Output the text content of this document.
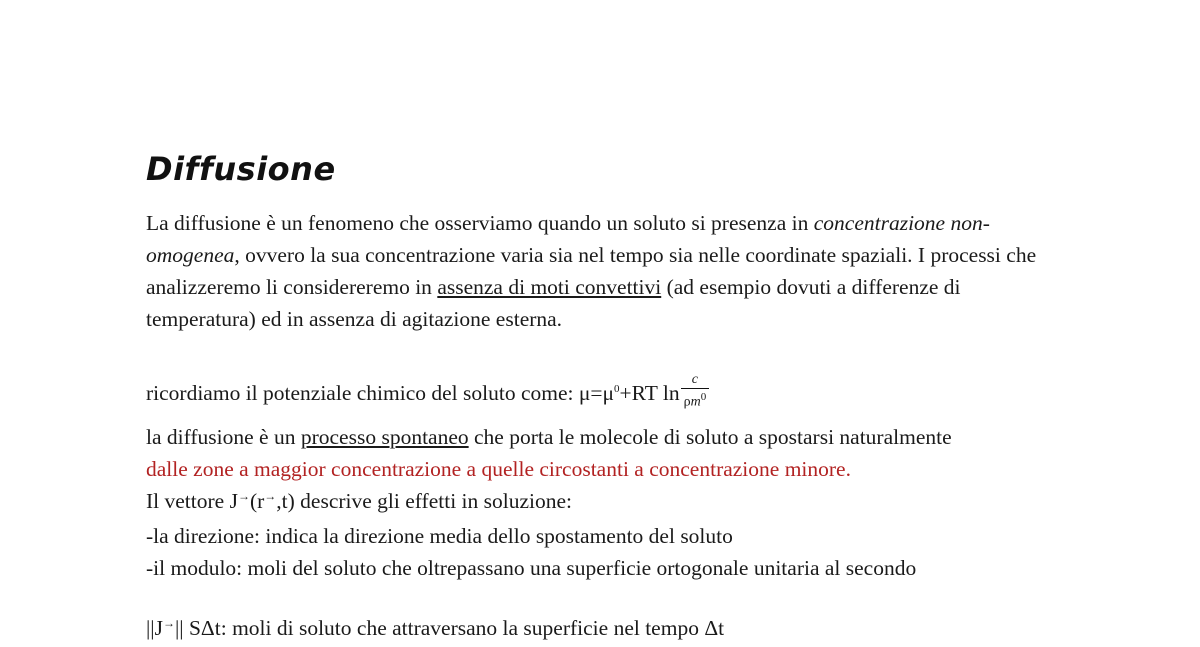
Diffusione

La diffusione è un fenomeno che osserviamo quando un soluto si presenza in concentrazione non-omogenea, ovvero la sua concentrazione varia sia nel tempo sia nelle coordinate spaziali. I processi che analizzeremo li considereremo in assenza di moti convettivi (ad esempio dovuti a differenze di temperatura) ed in assenza di agitazione esterna.

ricordiamo il potenziale chimico del soluto come: $\mu=\mu^0+RT$ $\ln \frac{c}{\rho m^0}$

la diffusione è un processo spontaneo che porta le molecole di soluto a spostarsi naturalmente
dalle zone a maggior concentrazione a quelle circostanti a concentrazione minore.
Il vettore J→(r→,t) descrive gli effetti in soluzione:
-la direzione: indica la direzione media dello spostamento del soluto
-il modulo: moli del soluto che oltrepassano una superficie ortogonale unitaria al secondo

||J→|| SΔt: moli di soluto che attraversano la superficie nel tempo Δt
